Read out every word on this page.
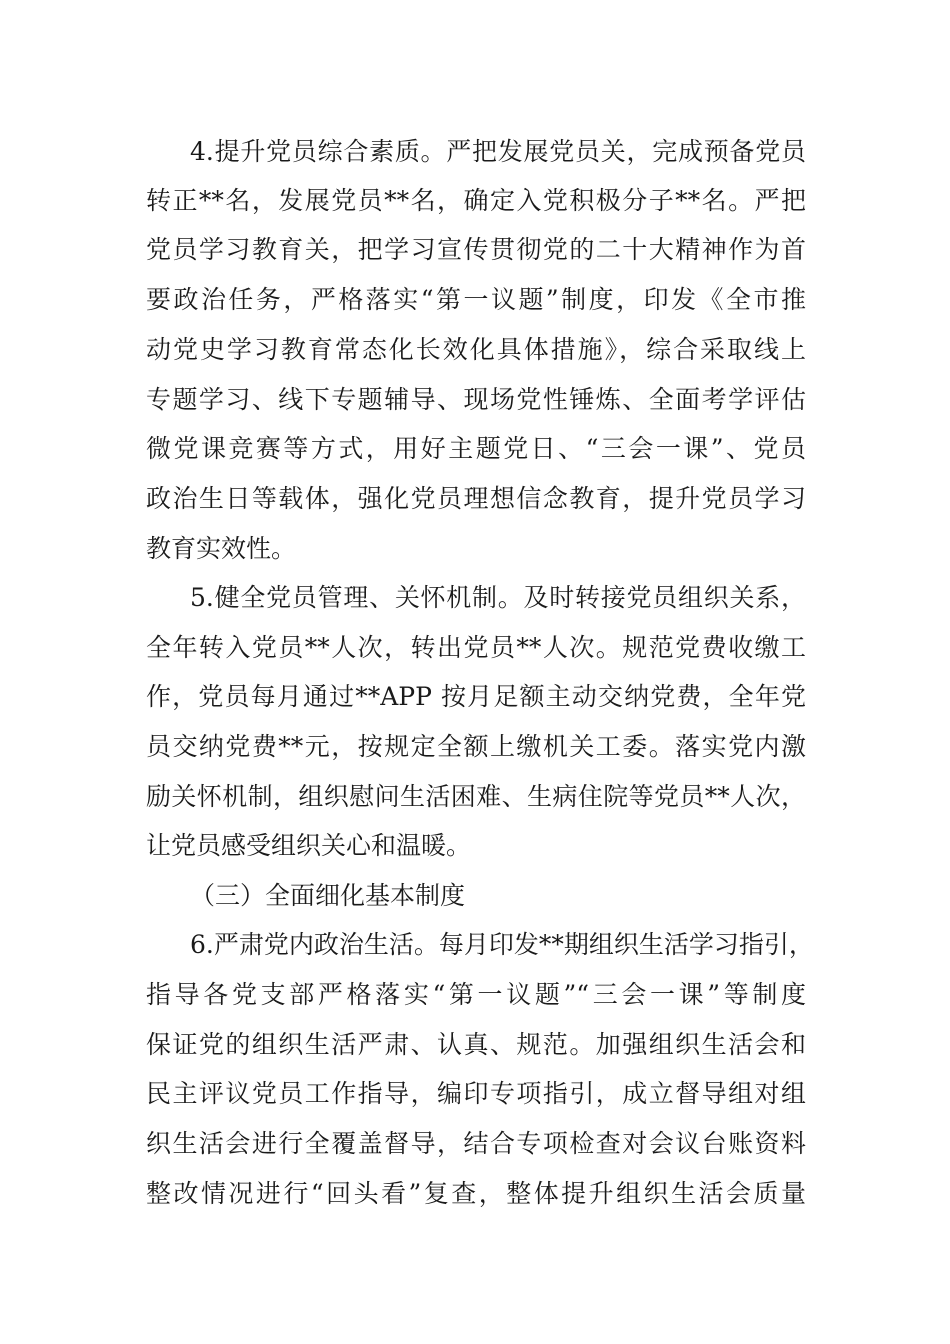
4.提升党员综合素质。严把发展党员关，完成预备党员
转正**名，发展党员**名，确定入党积极分子**名。严把
党员学习教育关，把学习宣传贯彻党的二十大精神作为首
要政治任务，严格落实“第一议题”制度，印发《全市推
动党史学习教育常态化长效化具体措施》，综合采取线上
专题学习、线下专题辅导、现场党性锤炼、全面考学评估
微党课竞赛等方式，用好主题党日、“三会一课”、党员
政治生日等载体，强化党员理想信念教育，提升党员学习
教育实效性。
5.健全党员管理、关怀机制。及时转接党员组织关系，
全年转入党员**人次，转出党员**人次。规范党费收缴工
作，党员每月通过**APP 按月足额主动交纳党费，全年党
员交纳党费**元，按规定全额上缴机关工委。落实党内激
励关怀机制，组织慰问生活困难、生病住院等党员**人次，
让党员感受组织关心和温暖。
（三）全面细化基本制度
6.严肃党内政治生活。每月印发**期组织生活学习指引，
指导各党支部严格落实“第一议题”“三会一课”等制度
保证党的组织生活严肃、认真、规范。加强组织生活会和
民主评议党员工作指导，编印专项指引，成立督导组对组
织生活会进行全覆盖督导，结合专项检查对会议台账资料
整改情况进行“回头看”复查，整体提升组织生活会质量
